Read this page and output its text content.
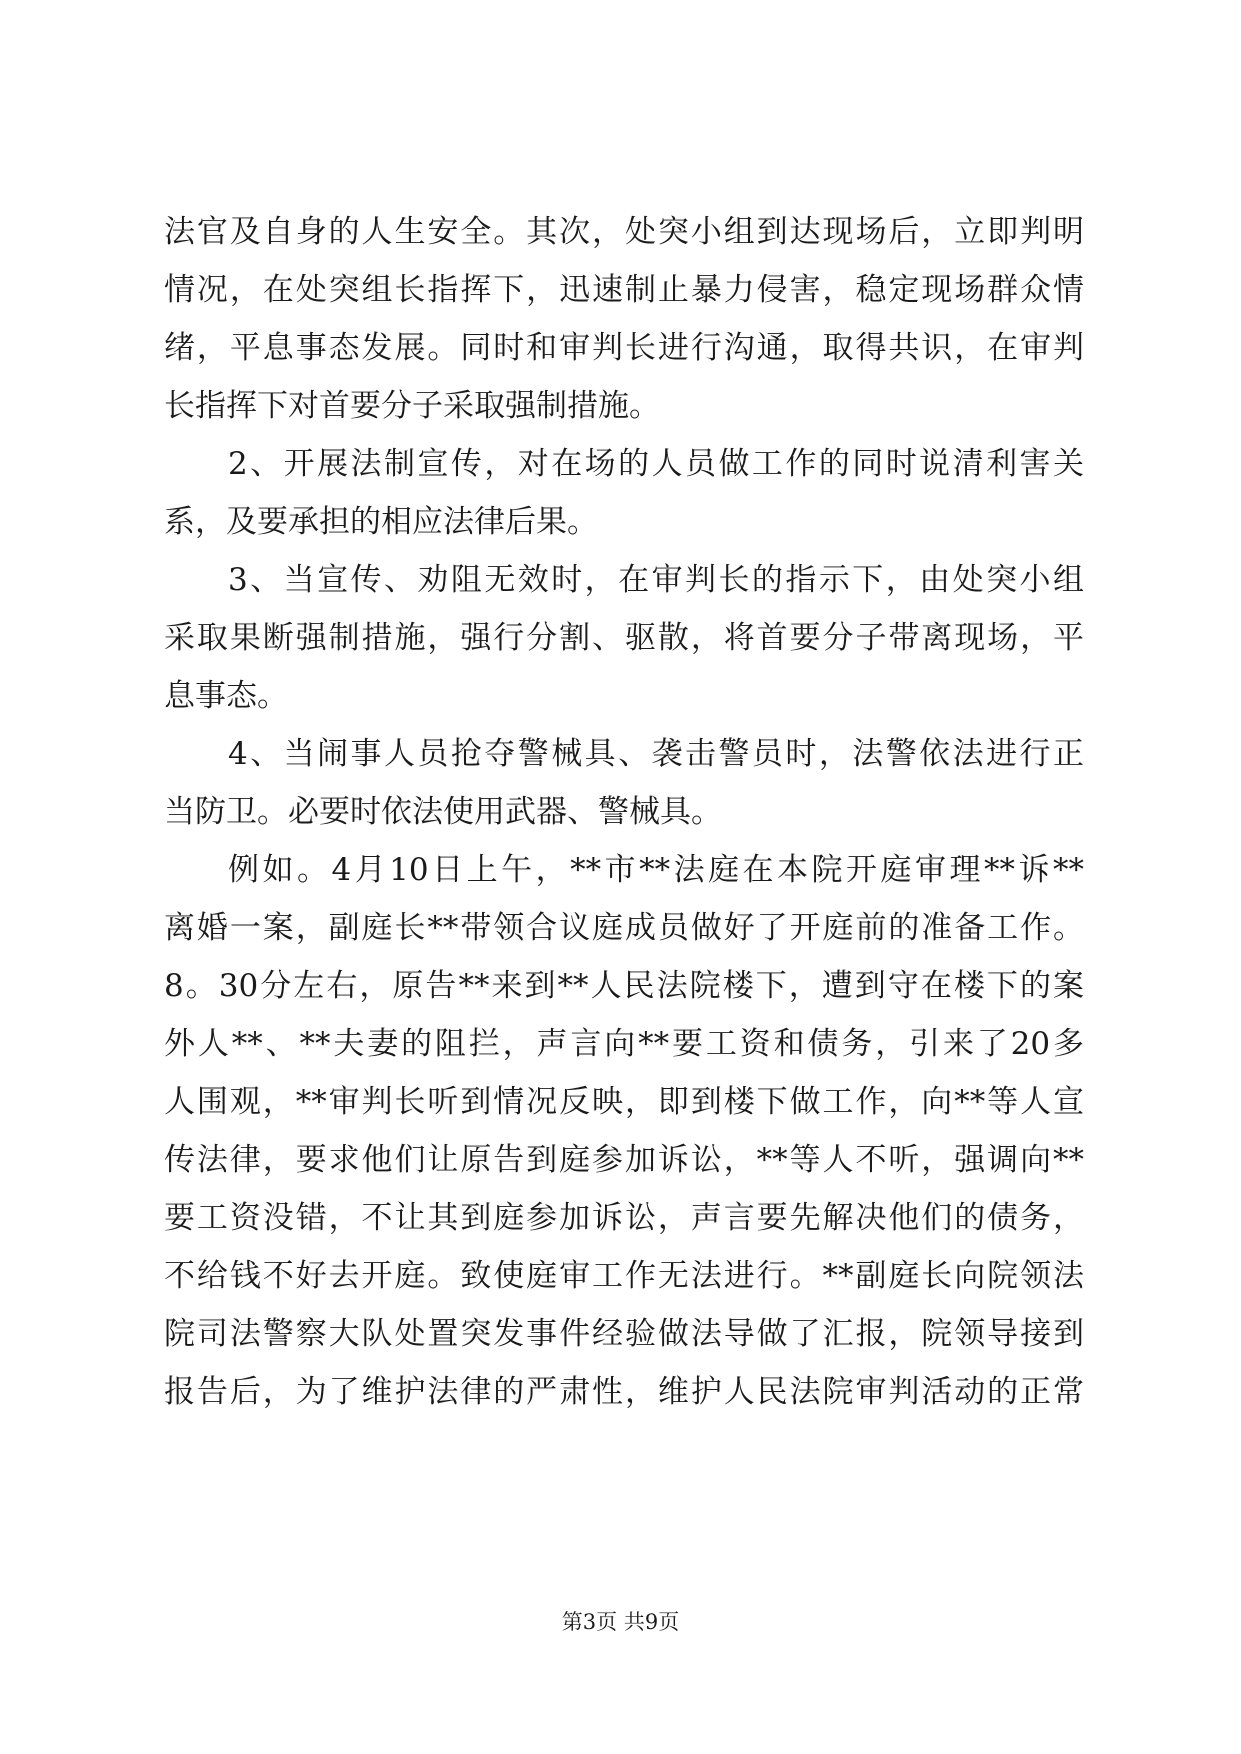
法官及自身的人生安全。其次，处突小组到达现场后，立即判明
情况，在处突组长指挥下，迅速制止暴力侵害，稳定现场群众情
绪，平息事态发展。同时和审判长进行沟通，取得共识，在审判
长指挥下对首要分子采取强制措施。
2、开展法制宣传，对在场的人员做工作的同时说清利害关
系，及要承担的相应法律后果。
3、当宣传、劝阻无效时，在审判长的指示下，由处突小组
采取果断强制措施，强行分割、驱散，将首要分子带离现场，平
息事态。
4、当闹事人员抢夺警械具、袭击警员时，法警依法进行正
当防卫。必要时依法使用武器、警械具。
例如。4月10日上午，**市**法庭在本院开庭审理**诉**
离婚一案，副庭长**带领合议庭成员做好了开庭前的准备工作。
8。30分左右，原告**来到**人民法院楼下，遭到守在楼下的案
外人**、**夫妻的阻拦，声言向**要工资和债务，引来了20多
人围观，**审判长听到情况反映，即到楼下做工作，向**等人宣
传法律，要求他们让原告到庭参加诉讼，**等人不听，强调向**
要工资没错，不让其到庭参加诉讼，声言要先解决他们的债务，
不给钱不好去开庭。致使庭审工作无法进行。**副庭长向院领法
院司法警察大队处置突发事件经验做法导做了汇报，院领导接到
报告后，为了维护法律的严肃性，维护人民法院审判活动的正常
第3页 共9页
